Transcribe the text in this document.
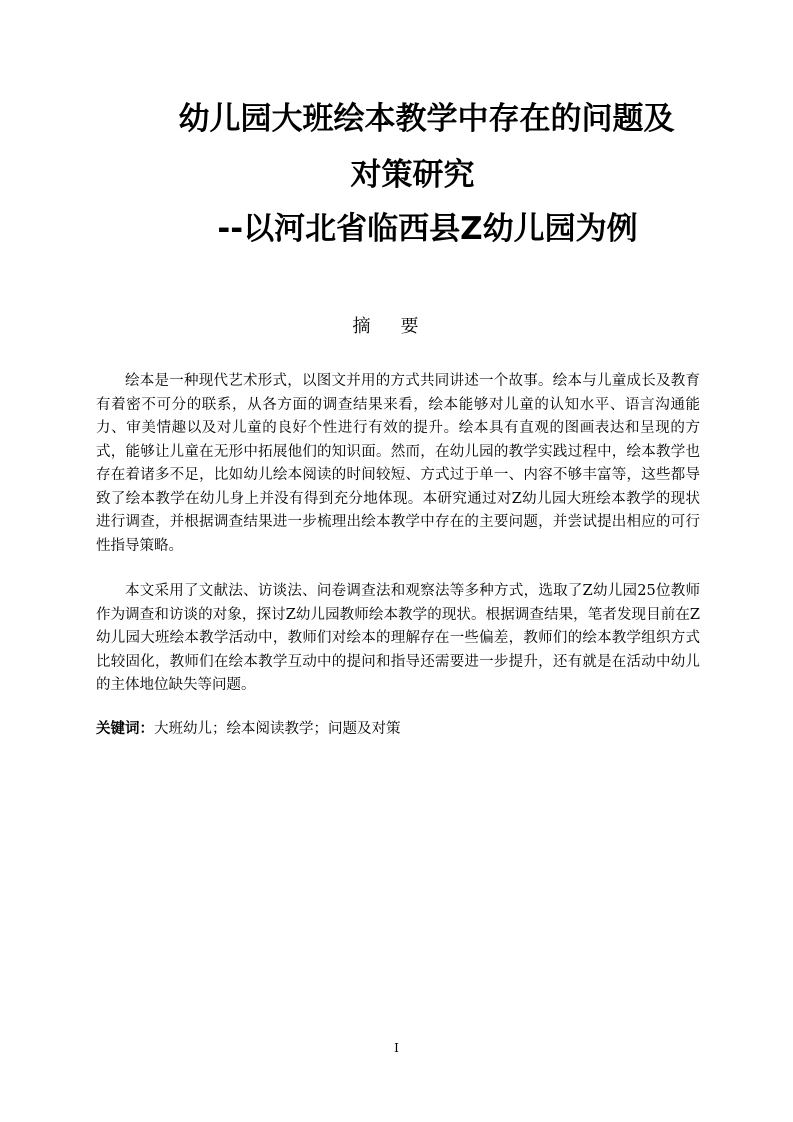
幼儿园大班绘本教学中存在的问题及
对策研究
--以河北省临西县Z幼儿园为例
摘要

绘本是一种现代艺术形式，以图文并用的方式共同讲述一个故事。绘本与儿童成长及教育有着密不可分的联系，从各方面的调查结果来看，绘本能够对儿童的认知水平、语言沟通能力、审美情趣以及对儿童的良好个性进行有效的提升。绘本具有直观的图画表达和呈现的方式，能够让儿童在无形中拓展他们的知识面。然而，在幼儿园的教学实践过程中，绘本教学也存在着诸多不足，比如幼儿绘本阅读的时间较短、方式过于单一、内容不够丰富等，这些都导致了绘本教学在幼儿身上并没有得到充分地体现。本研究通过对Z幼儿园大班绘本教学的现状进行调查，并根据调查结果进一步梳理出绘本教学中存在的主要问题，并尝试提出相应的可行性指导策略。

本文采用了文献法、访谈法、问卷调查法和观察法等多种方式，选取了Z幼儿园25位教师作为调查和访谈的对象，探讨Z幼儿园教师绘本教学的现状。根据调查结果，笔者发现目前在Z幼儿园大班绘本教学活动中，教师们对绘本的理解存在一些偏差，教师们的绘本教学组织方式比较固化，教师们在绘本教学互动中的提问和指导还需要进一步提升，还有就是在活动中幼儿的主体地位缺失等问题。

关键词：大班幼儿；绘本阅读教学；问题及对策

I
